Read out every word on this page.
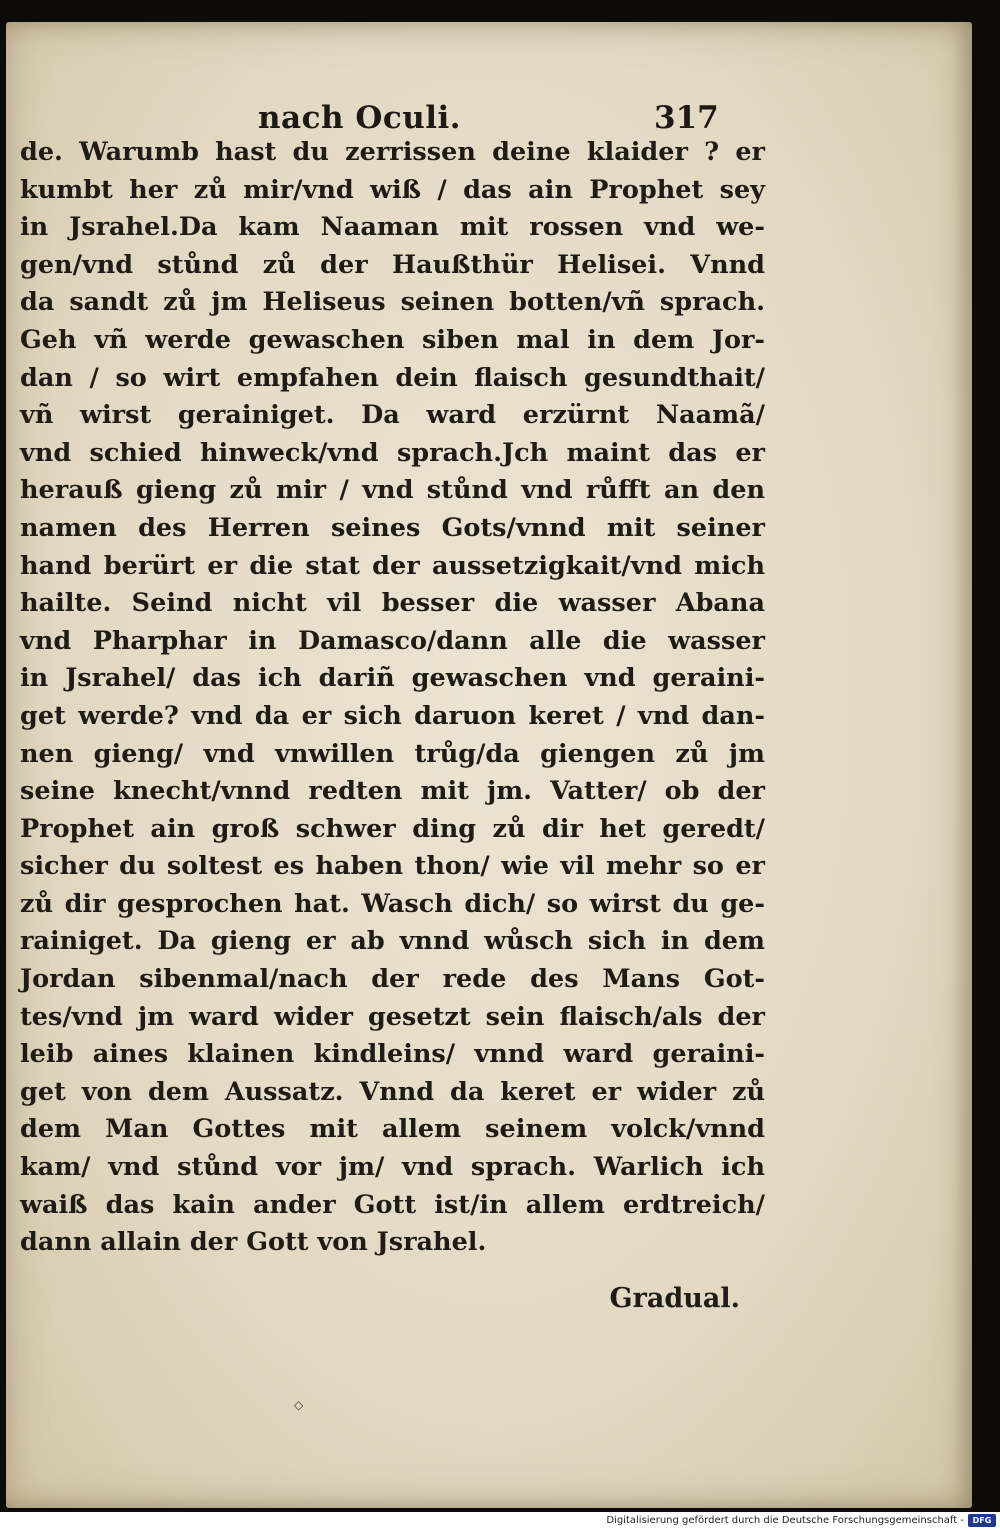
nach Oculi.	317
de. Warumb hast du zerrissen deine klaider ? er
kumbt her zů mir/vnd wiß / das ain Prophet sey
in Jsrahel.Da kam Naaman mit rossen vnd we-
gen/vnd stůnd zů der Haußthür Helisei. Vnnd
da sandt zů jm Heliseus seinen botten/vñ sprach.
Geh vñ werde gewaschen siben mal in dem Jor-
dan / so wirt empfahen dein flaisch gesundthait/
vñ wirst gerainiget. Da ward erzürnt Naamã/
vnd schied hinweck/vnd sprach.Jch maint das er
herauß gieng zů mir / vnd stůnd vnd růfft an den
namen des Herren seines Gots/vnnd mit seiner
hand berürt er die stat der aussetzigkait/vnd mich
hailte. Seind nicht vil besser die wasser Abana
vnd Pharphar in Damasco/dann alle die wasser
in Jsrahel/ das ich dariñ gewaschen vnd geraini-
get werde? vnd da er sich daruon keret / vnd dan-
nen gieng/ vnd vnwillen trůg/da giengen zů jm
seine knecht/vnnd redten mit jm. Vatter/ ob der
Prophet ain groß schwer ding zů dir het geredt/
sicher du soltest es haben thon/ wie vil mehr so er
zů dir gesprochen hat. Wasch dich/ so wirst du ge-
rainiget. Da gieng er ab vnnd wůsch sich in dem
Jordan sibenmal/nach der rede des Mans Got-
tes/vnd jm ward wider gesetzt sein flaisch/als der
leib aines klainen kindleins/ vnnd ward geraini-
get von dem Aussatz. Vnnd da keret er wider zů
dem Man Gottes mit allem seinem volck/vnnd
kam/ vnd stůnd vor jm/ vnd sprach. Warlich ich
waiß das kain ander Gott ist/in allem erdtreich/
dann allain der Gott von Jsrahel.
Gradual.
◇
Digitalisierung gefördert durch die Deutsche Forschungsgemeinschaft -	DFG
